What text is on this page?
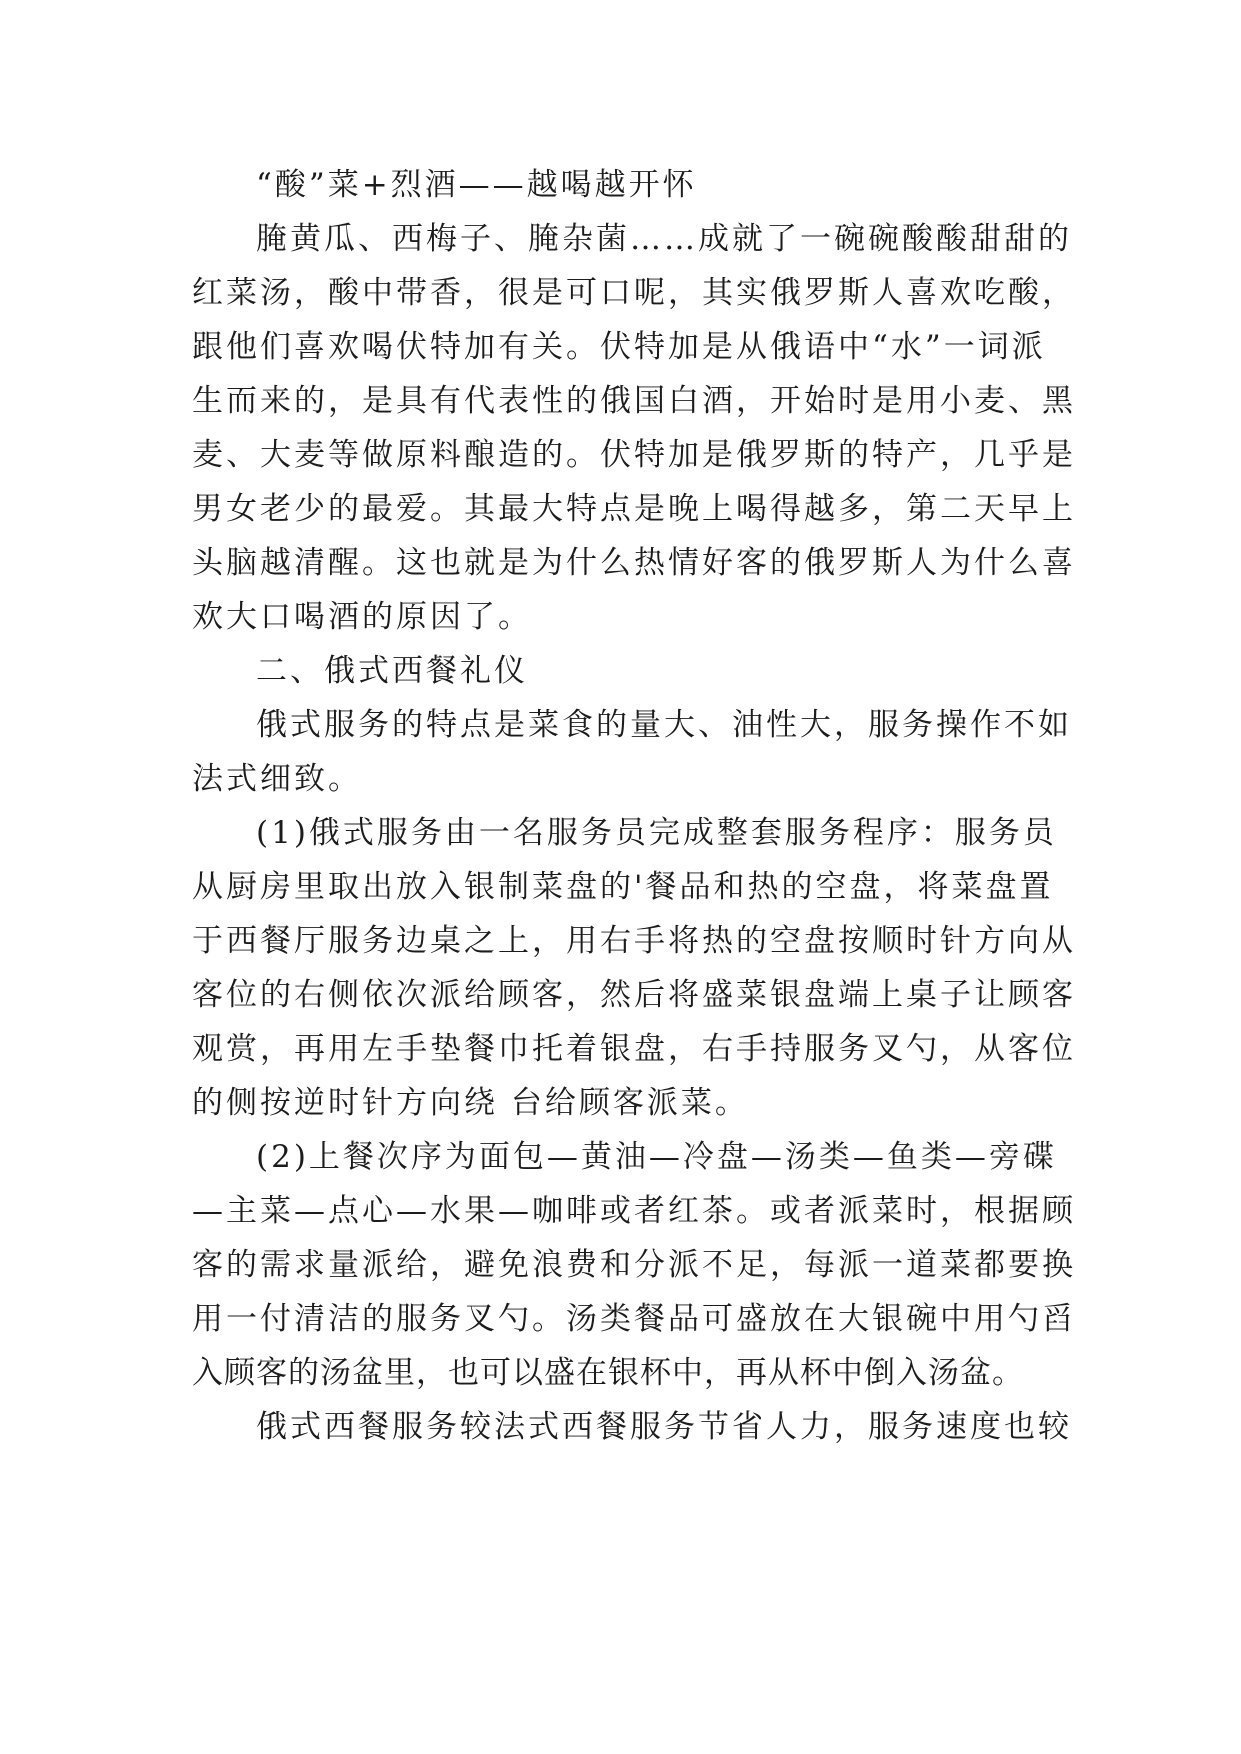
“酸”菜+烈酒——越喝越开怀
腌黄瓜、西梅子、腌杂菌……成就了一碗碗酸酸甜甜的
红菜汤，酸中带香，很是可口呢，其实俄罗斯人喜欢吃酸，
跟他们喜欢喝伏特加有关。伏特加是从俄语中“水”一词派
生而来的，是具有代表性的俄国白酒，开始时是用小麦、黑
麦、大麦等做原料酿造的。伏特加是俄罗斯的特产，几乎是
男女老少的最爱。其最大特点是晚上喝得越多，第二天早上
头脑越清醒。这也就是为什么热情好客的俄罗斯人为什么喜
欢大口喝酒的原因了。
二、俄式西餐礼仪
俄式服务的特点是菜食的量大、油性大，服务操作不如
法式细致。
(1)俄式服务由一名服务员完成整套服务程序：服务员
从厨房里取出放入银制菜盘的'餐品和热的空盘，将菜盘置
于西餐厅服务边桌之上，用右手将热的空盘按顺时针方向从
客位的右侧依次派给顾客，然后将盛菜银盘端上桌子让顾客
观赏，再用左手垫餐巾托着银盘，右手持服务叉勺，从客位
的侧按逆时针方向绕 台给顾客派菜。
(2)上餐次序为面包—黄油—冷盘—汤类—鱼类—旁碟
—主菜—点心—水果—咖啡或者红茶。或者派菜时，根据顾
客的需求量派给，避免浪费和分派不足，每派一道菜都要换
用一付清洁的服务叉勺。汤类餐品可盛放在大银碗中用勺舀
入顾客的汤盆里，也可以盛在银杯中，再从杯中倒入汤盆。
俄式西餐服务较法式西餐服务节省人力，服务速度也较
